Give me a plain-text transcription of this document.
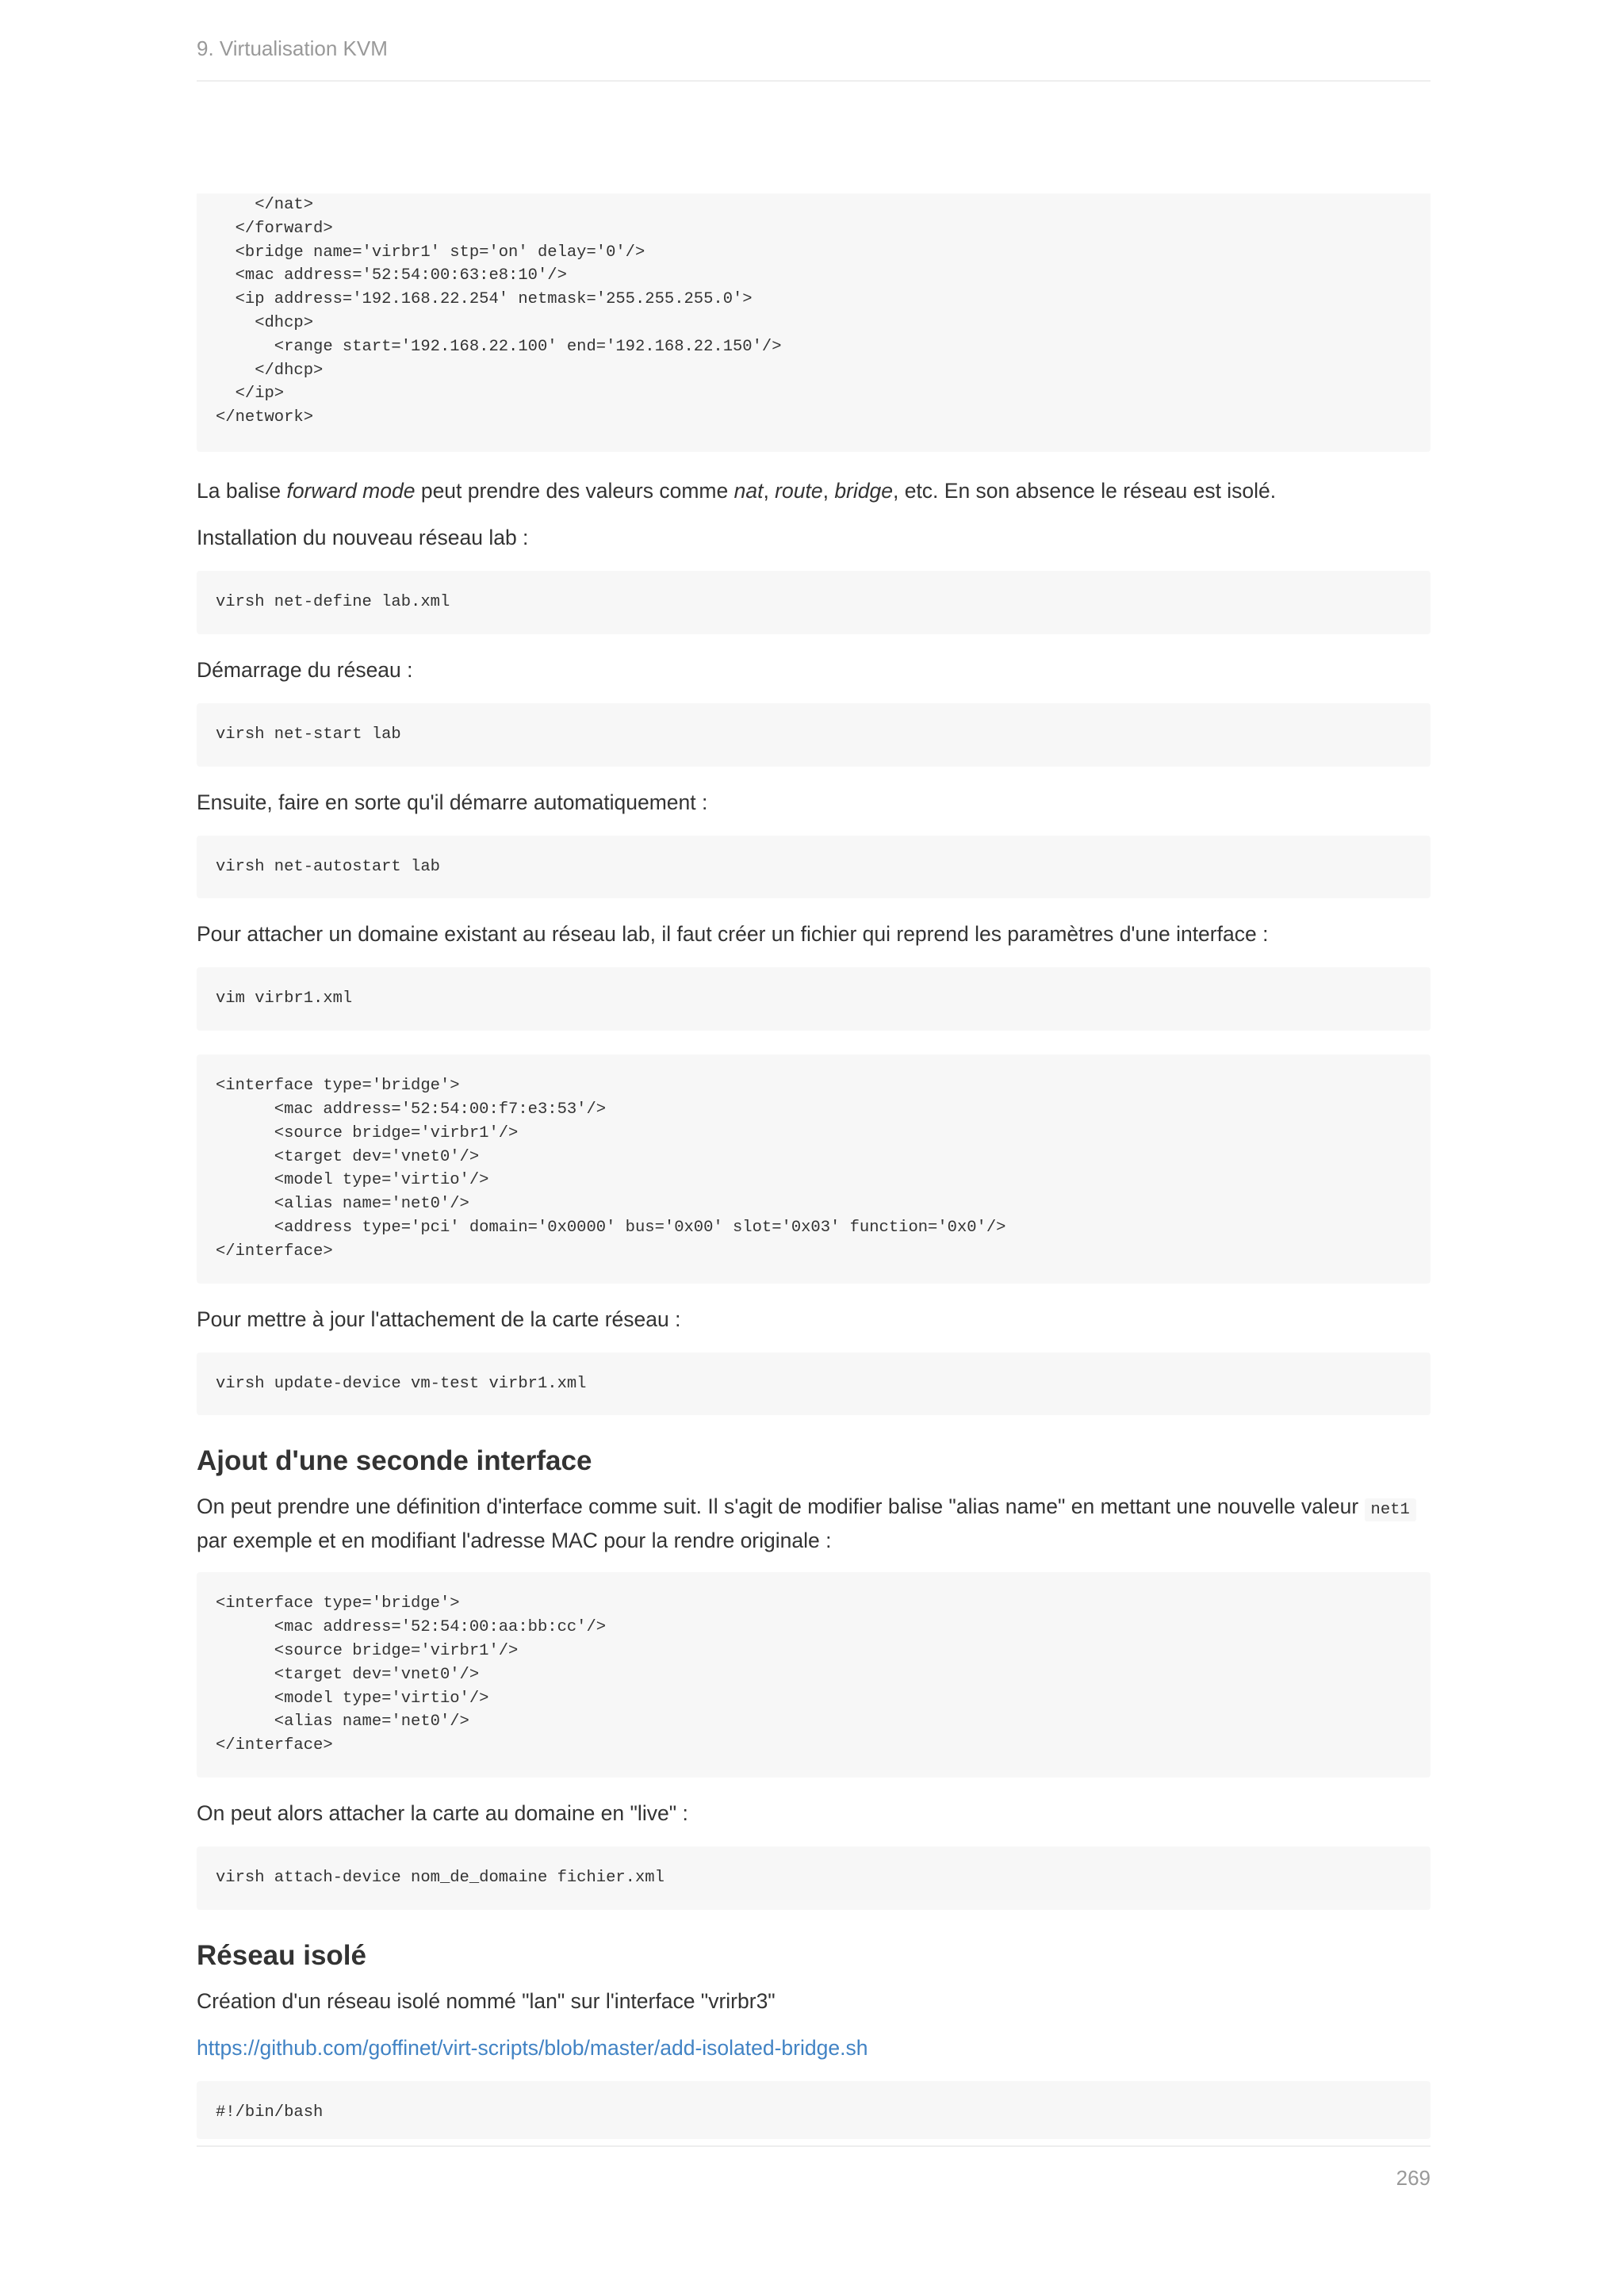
9. Virtualisation KVM
</nat>
</forward>
<bridge name='virbr1' stp='on' delay='0'/>
<mac address='52:54:00:63:e8:10'/>
<ip address='192.168.22.254' netmask='255.255.255.0'>
<dhcp>
<range start='192.168.22.100' end='192.168.22.150'/>
</dhcp>
</ip>
</network>

La balise forward mode peut prendre des valeurs comme nat, route, bridge, etc. En son absence le réseau est isolé.

Installation du nouveau réseau lab :

virsh net-define lab.xml

Démarrage du réseau :

virsh net-start lab

Ensuite, faire en sorte qu'il démarre automatiquement :

virsh net-autostart lab

Pour attacher un domaine existant au réseau lab, il faut créer un fichier qui reprend les paramètres d'une interface :

vim virbr1.xml
<interface type='bridge'>
<mac address='52:54:00:f7:e3:53'/>
<source bridge='virbr1'/>
<target dev='vnet0'/>
<model type='virtio'/>
<alias name='net0'/>
<address type='pci' domain='0x0000' bus='0x00' slot='0x03' function='0x0'/>
</interface>

Pour mettre à jour l'attachement de la carte réseau :

virsh update-device vm-test virbr1.xml
Ajout d'une seconde interface

On peut prendre une définition d'interface comme suit. Il s'agit de modifier balise "alias name" en mettant une nouvelle valeur net1 par exemple et en modifiant l'adresse MAC pour la rendre originale :

<interface type='bridge'>
<mac address='52:54:00:aa:bb:cc'/>
<source bridge='virbr1'/>
<target dev='vnet0'/>
<model type='virtio'/>
<alias name='net0'/>
</interface>

On peut alors attacher la carte au domaine en "live" :

virsh attach-device nom_de_domaine fichier.xml
Réseau isolé

Création d'un réseau isolé nommé "lan" sur l'interface "vrirbr3"

https://github.com/goffinet/virt-scripts/blob/master/add-isolated-bridge.sh

#!/bin/bash
269
